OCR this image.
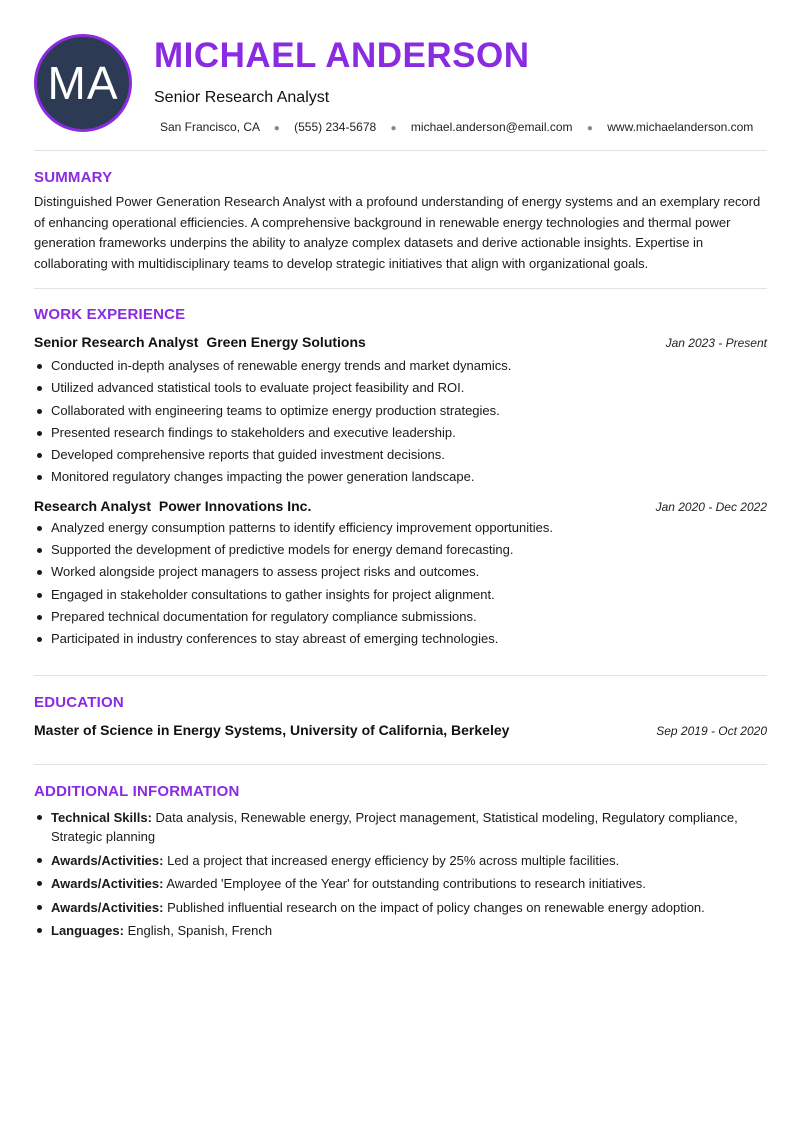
MA
MICHAEL ANDERSON
Senior Research Analyst
San Francisco, CA ● (555) 234-5678 ● michael.anderson@email.com ● www.michaelanderson.com
SUMMARY

Distinguished Power Generation Research Analyst with a profound understanding of energy systems and an exemplary record of enhancing operational efficiencies. A comprehensive background in renewable energy technologies and thermal power generation frameworks underpins the ability to analyze complex datasets and derive actionable insights. Expertise in collaborating with multidisciplinary teams to develop strategic initiatives that align with organizational goals.

WORK EXPERIENCE
Senior Research Analyst Green Energy Solutions	Jan 2023 - Present
Conducted in-depth analyses of renewable energy trends and market dynamics.
Utilized advanced statistical tools to evaluate project feasibility and ROI.
Collaborated with engineering teams to optimize energy production strategies.
Presented research findings to stakeholders and executive leadership.
Developed comprehensive reports that guided investment decisions.
Monitored regulatory changes impacting the power generation landscape.
Research Analyst Power Innovations Inc.	Jan 2020 - Dec 2022
Analyzed energy consumption patterns to identify efficiency improvement opportunities.
Supported the development of predictive models for energy demand forecasting.
Worked alongside project managers to assess project risks and outcomes.
Engaged in stakeholder consultations to gather insights for project alignment.
Prepared technical documentation for regulatory compliance submissions.
Participated in industry conferences to stay abreast of emerging technologies.
EDUCATION
Master of Science in Energy Systems, University of California, Berkeley	Sep 2019 - Oct 2020
ADDITIONAL INFORMATION
Technical Skills: Data analysis, Renewable energy, Project management, Statistical modeling, Regulatory compliance, Strategic planning
Awards/Activities: Led a project that increased energy efficiency by 25% across multiple facilities.
Awards/Activities: Awarded 'Employee of the Year' for outstanding contributions to research initiatives.
Awards/Activities: Published influential research on the impact of policy changes on renewable energy adoption.
Languages: English, Spanish, French
